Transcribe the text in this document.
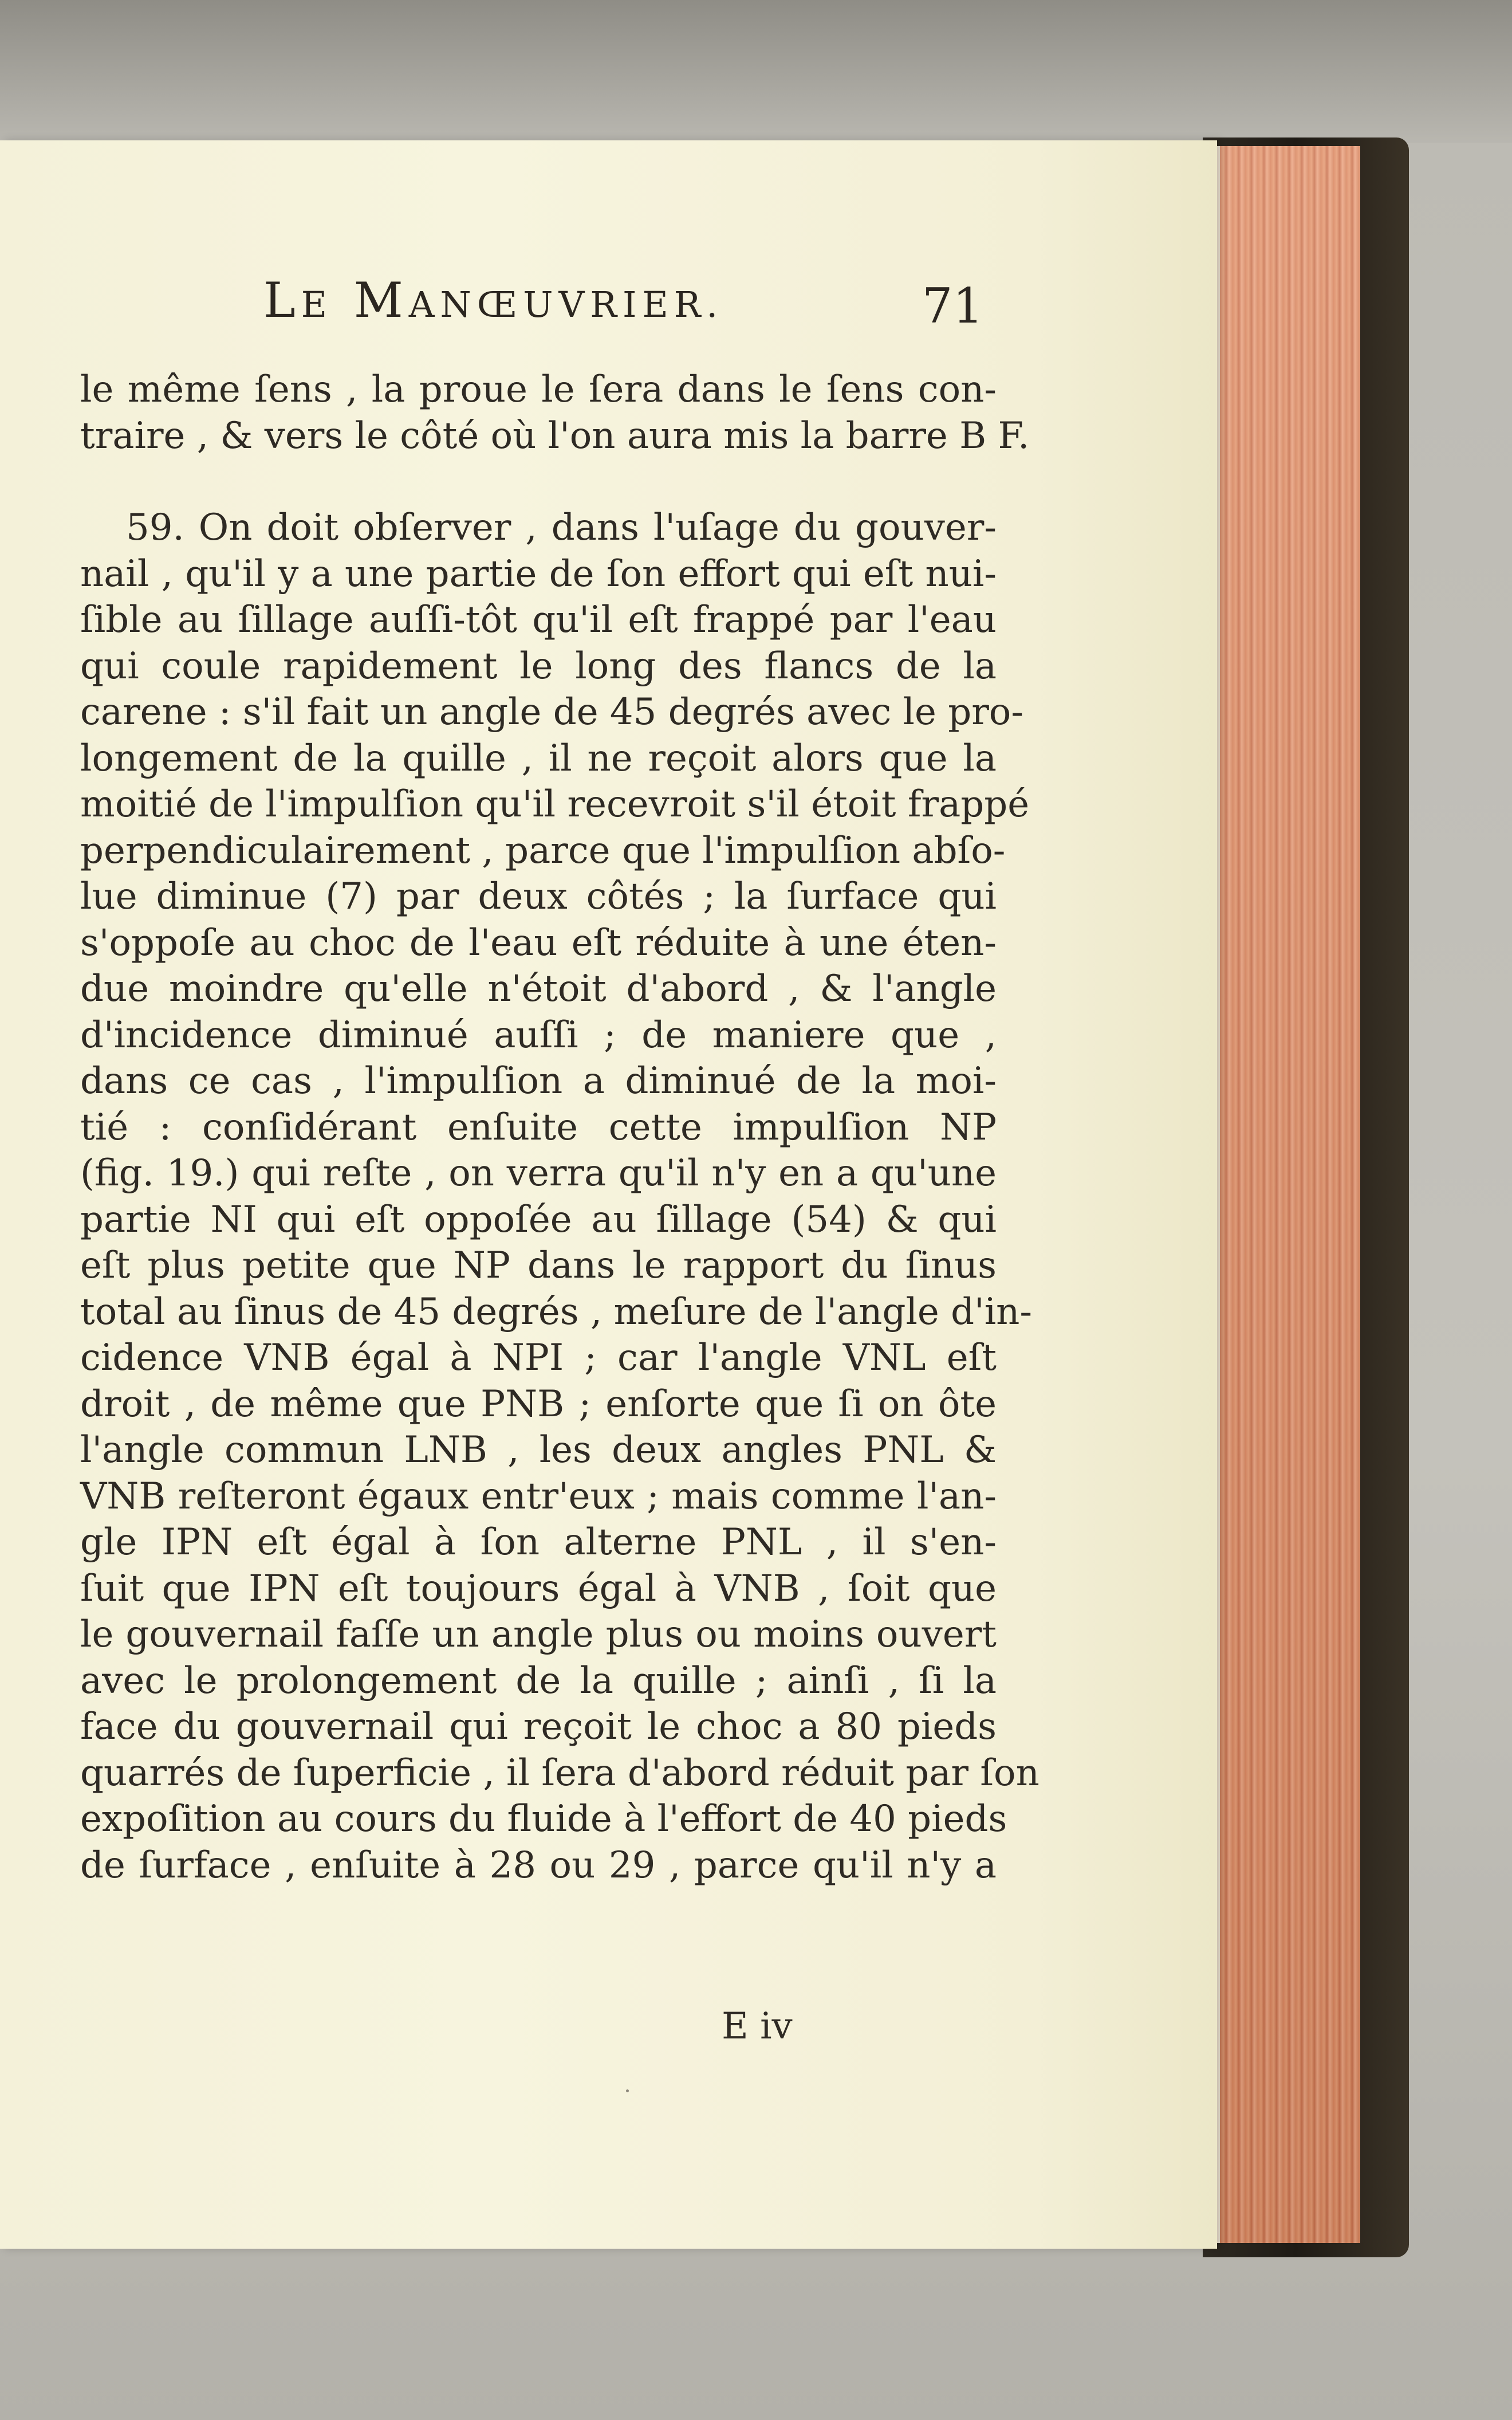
LE MANŒUVRIER.	71
le même ſens , la proue le ſera dans le ſens con-
traire , & vers le côté où l'on aura mis la barre B F.
59. On doit obſerver , dans l'uſage du gouver-
nail , qu'il y a une partie de ſon effort qui eſt nui-
ſible au ſillage auſſi-tôt qu'il eſt frappé par l'eau
qui coule rapidement le long des flancs de la
carene : s'il fait un angle de 45 degrés avec le pro-
longement de la quille , il ne reçoit alors que la
moitié de l'impulſion qu'il recevroit s'il étoit frappé
perpendiculairement , parce que l'impulſion abſo-
lue diminue (7) par deux côtés ; la ſurface qui
s'oppoſe au choc de l'eau eſt réduite à une éten-
due moindre qu'elle n'étoit d'abord , & l'angle
d'incidence diminué auſſi ; de maniere que ,
dans ce cas , l'impulſion a diminué de la moi-
tié : conſidérant enſuite cette impulſion NP
(fig. 19.) qui reſte , on verra qu'il n'y en a qu'une
partie NI qui eſt oppoſée au ſillage (54) & qui
eſt plus petite que NP dans le rapport du ſinus
total au ſinus de 45 degrés , meſure de l'angle d'in-
cidence VNB égal à NPI ; car l'angle VNL eſt
droit , de même que PNB ; enſorte que ſi on ôte
l'angle commun LNB , les deux angles PNL &
VNB reſteront égaux entr'eux ; mais comme l'an-
gle IPN eſt égal à ſon alterne PNL , il s'en-
ſuit que IPN eſt toujours égal à VNB , ſoit que
le gouvernail faſſe un angle plus ou moins ouvert
avec le prolongement de la quille ; ainſi , ſi la
face du gouvernail qui reçoit le choc a 80 pieds
quarrés de ſuperficie , il ſera d'abord réduit par ſon
expoſition au cours du fluide à l'effort de 40 pieds
de ſurface , enſuite à 28 ou 29 , parce qu'il n'y a
E iv
